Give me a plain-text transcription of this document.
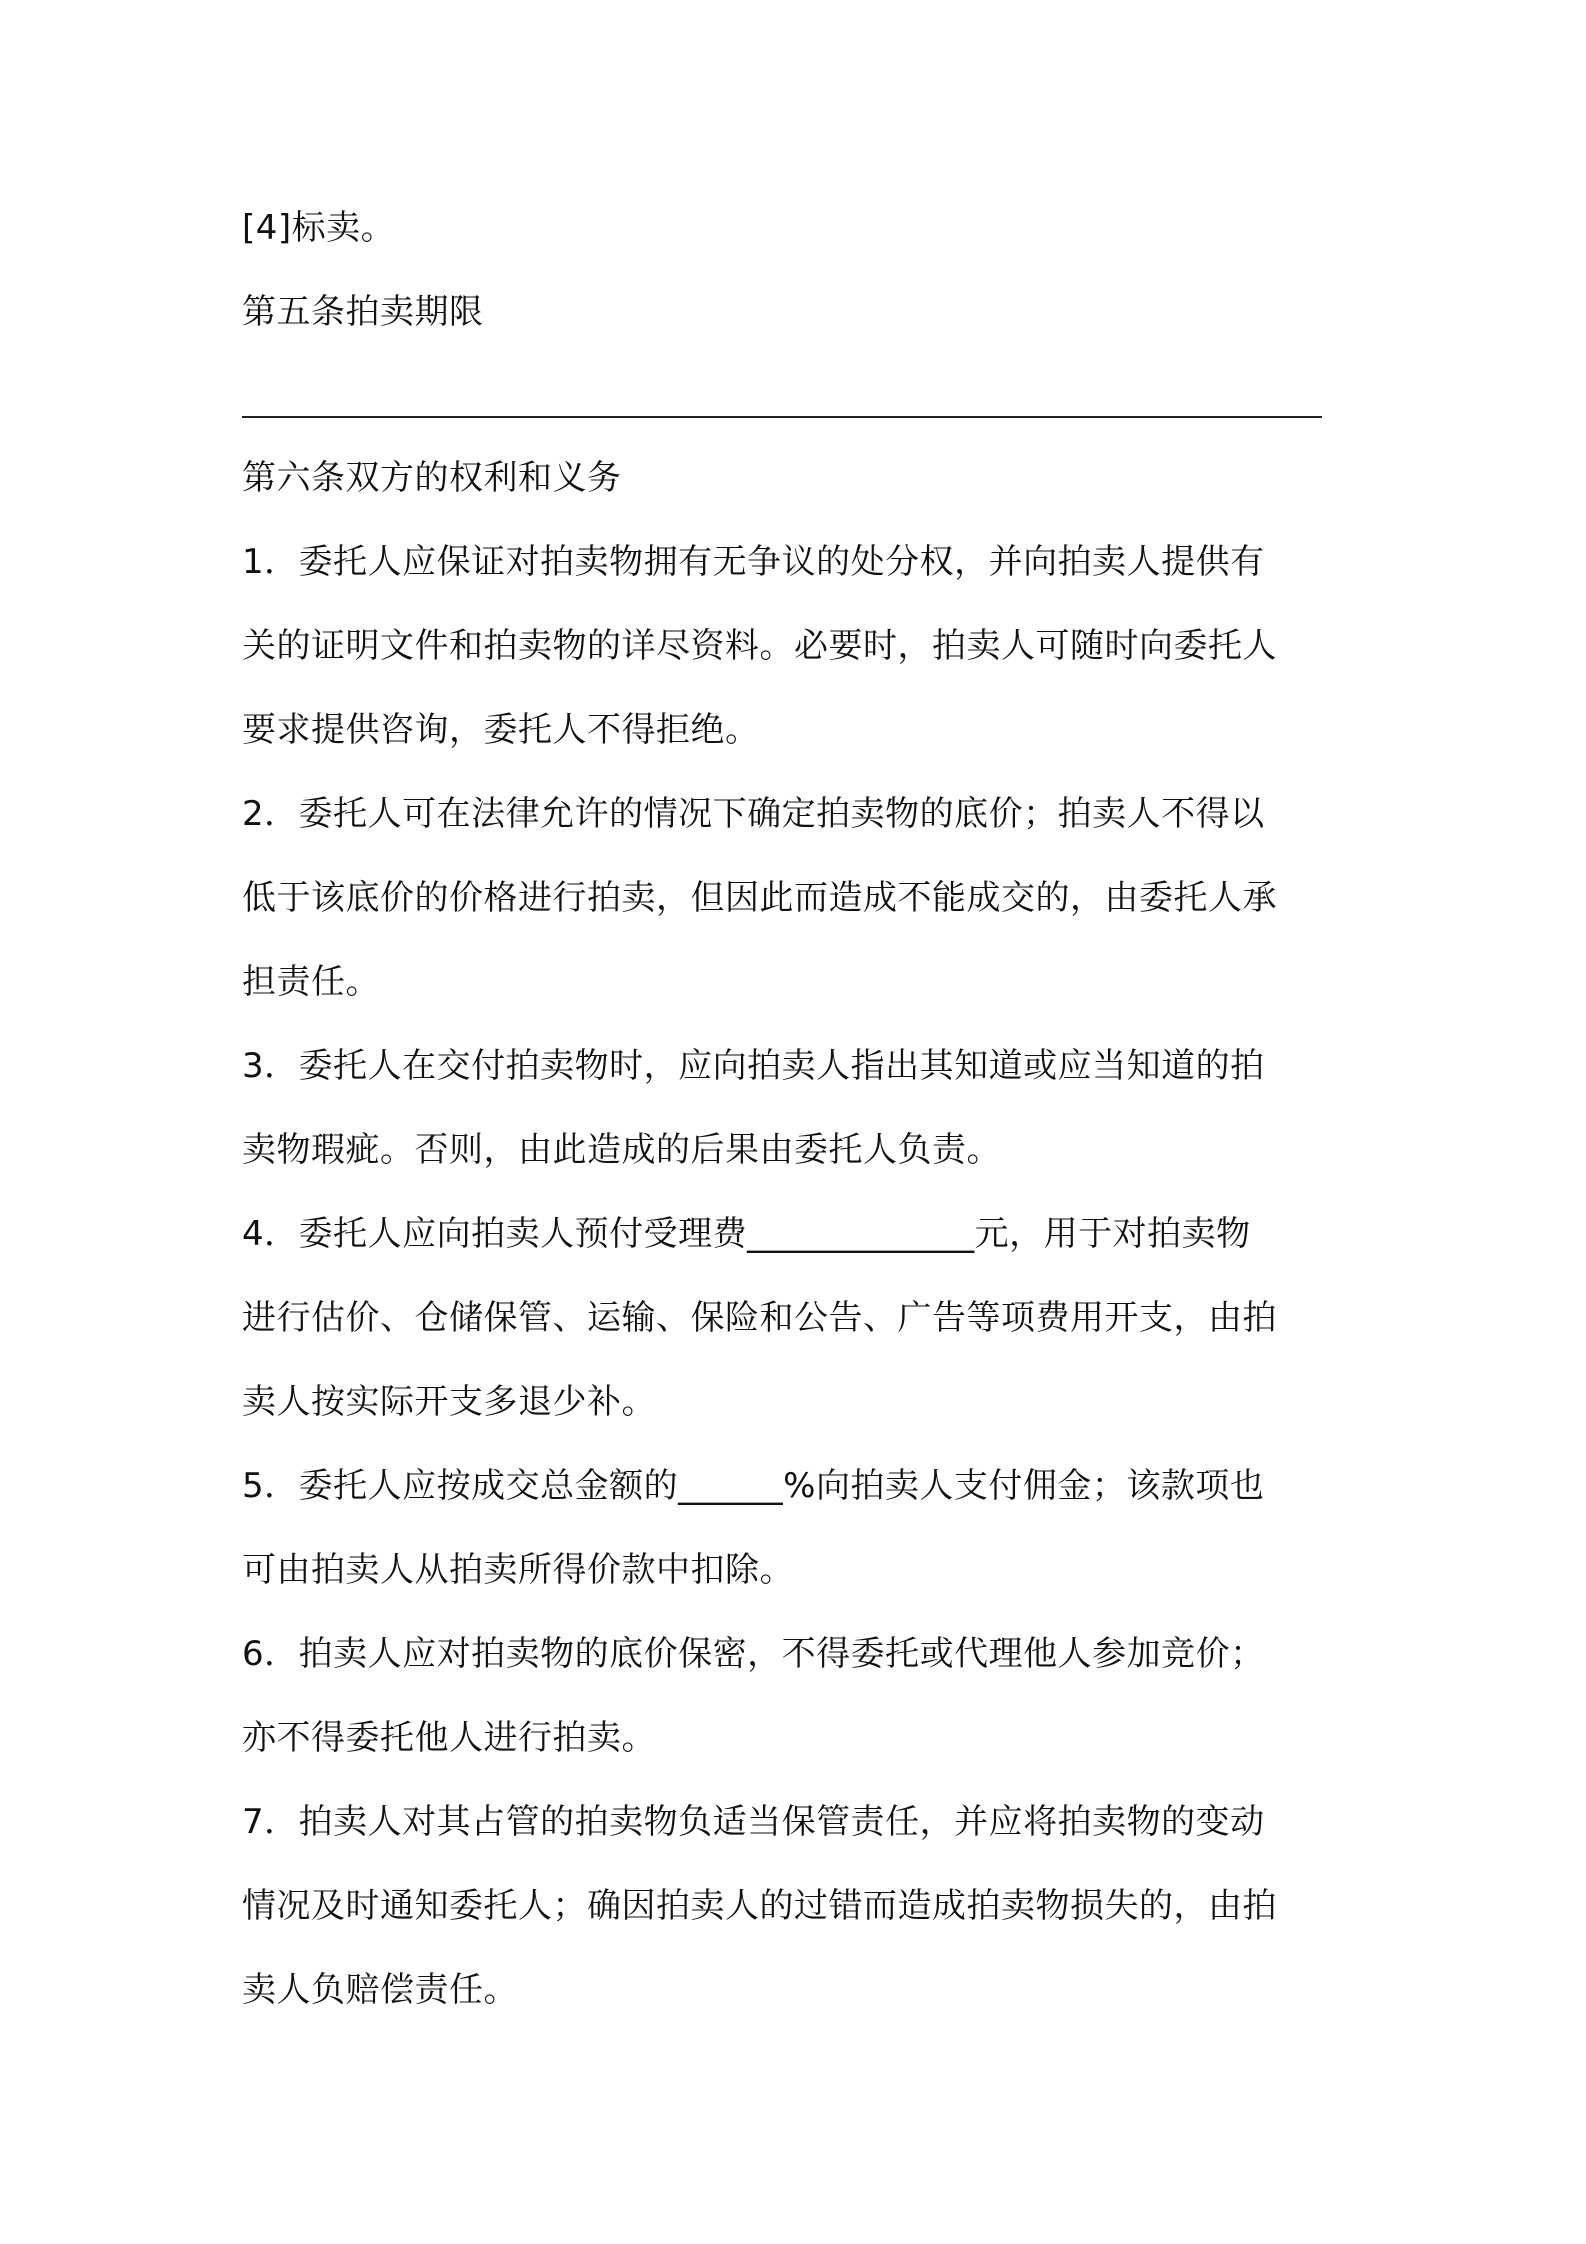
[4]标卖。
第五条拍卖期限
第六条双方的权利和义务
1．委托人应保证对拍卖物拥有无争议的处分权，并向拍卖人提供有
关的证明文件和拍卖物的详尽资料。必要时，拍卖人可随时向委托人
要求提供咨询，委托人不得拒绝。
2．委托人可在法律允许的情况下确定拍卖物的底价；拍卖人不得以
低于该底价的价格进行拍卖，但因此而造成不能成交的，由委托人承
担责任。
3．委托人在交付拍卖物时，应向拍卖人指出其知道或应当知道的拍
卖物瑕疵。否则，由此造成的后果由委托人负责。
4．委托人应向拍卖人预付受理费_____________元，用于对拍卖物
进行估价、仓储保管、运输、保险和公告、广告等项费用开支，由拍
卖人按实际开支多退少补。
5．委托人应按成交总金额的______%向拍卖人支付佣金；该款项也
可由拍卖人从拍卖所得价款中扣除。
6．拍卖人应对拍卖物的底价保密，不得委托或代理他人参加竞价；
亦不得委托他人进行拍卖。
7．拍卖人对其占管的拍卖物负适当保管责任，并应将拍卖物的变动
情况及时通知委托人；确因拍卖人的过错而造成拍卖物损失的，由拍
卖人负赔偿责任。
